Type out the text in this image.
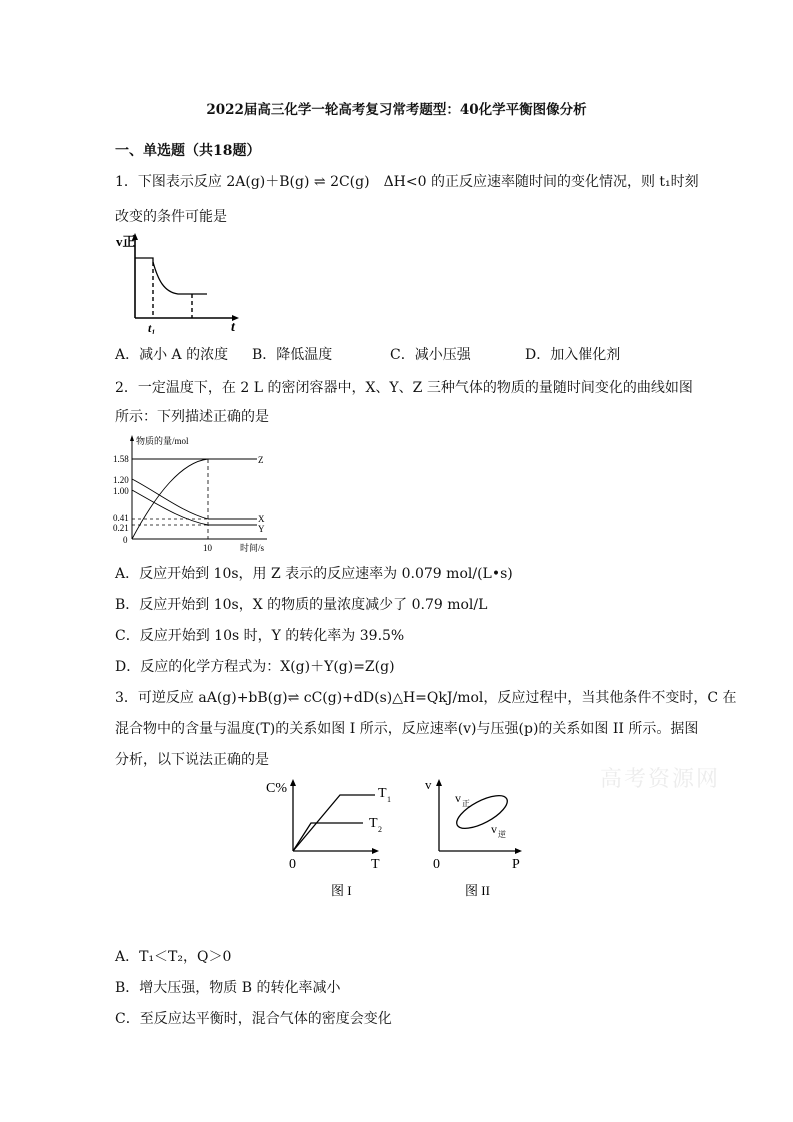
2022届高三化学一轮高考复习常考题型：40化学平衡图像分析
一、单选题（共18题）
1．下图表示反应 2A(g)＋B(g) ⇌ 2C(g)　ΔH<0 的正反应速率随时间的变化情况，则 t₁时刻
改变的条件可能是
v正
t
t₁
A．减小 A 的浓度 B．降低温度	C．减小压强	D．加入催化剂
2．一定温度下，在 2 L 的密闭容器中，X、Y、Z 三种气体的物质的量随时间变化的曲线如图
所示：下列描述正确的是
物质的量/mol
1.58
1.20
1.00
0.41
0.21
0
10	时间/s
Z
X
Y
A．反应开始到 10s，用 Z 表示的反应速率为 0.079 mol/(L•s)
B．反应开始到 10s，X 的物质的量浓度减少了 0.79 mol/L
C．反应开始到 10s 时，Y 的转化率为 39.5%
D．反应的化学方程式为：X(g)＋Y(g)=Z(g)
3．可逆反应 aA(g)+bB(g)⇌ cC(g)+dD(s)△H=QkJ/mol，反应过程中，当其他条件不变时，C 在
混合物中的含量与温度(T)的关系如图 I 所示，反应速率(v)与压强(p)的关系如图 II 所示。据图
分析，以下说法正确的是
高考资源网
C%
0	T
T 1
T 2
图 I
v
0	P
v 正
v 逆
图 II
A．T₁＜T₂，Q＞0
B．增大压强，物质 B 的转化率减小
C．至反应达平衡时，混合气体的密度会变化
